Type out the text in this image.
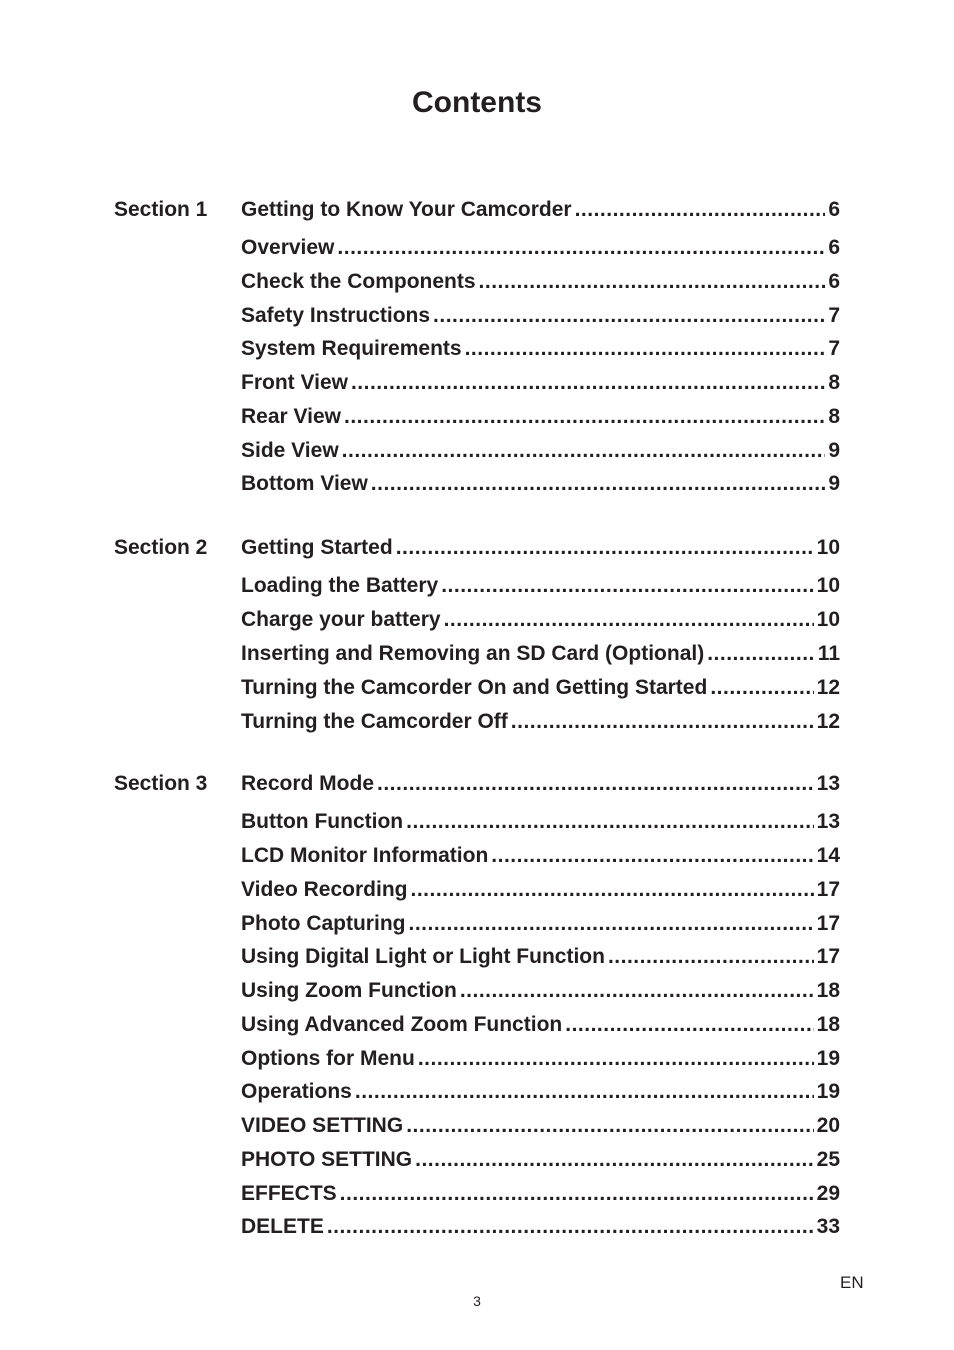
Contents
Section 1 Getting to Know Your Camcorder .....	6
Overview .....	6
Check the Components .....	6
Safety Instructions .....	7
System Requirements .....	7
Front View .....	8
Rear View .....	8
Side View .....	9
Bottom View .....	9
Section 2 Getting Started .....	10
Loading the Battery .....	10
Charge your battery .....	10
Inserting and Removing an SD Card (Optional) .....	11
Turning the Camcorder On and Getting Started .....	12
Turning the Camcorder Off .....	12
Section 3 Record Mode .....	13
Button Function .....	13
LCD Monitor Information .....	14
Video Recording .....	17
Photo Capturing .....	17
Using Digital Light or Light Function .....	17
Using Zoom Function .....	18
Using Advanced Zoom Function .....	18
Options for Menu .....	19
Operations .....	19
VIDEO SETTING .....	20
PHOTO SETTING .....	25
EFFECTS .....	29
DELETE .....	33
EN
3
